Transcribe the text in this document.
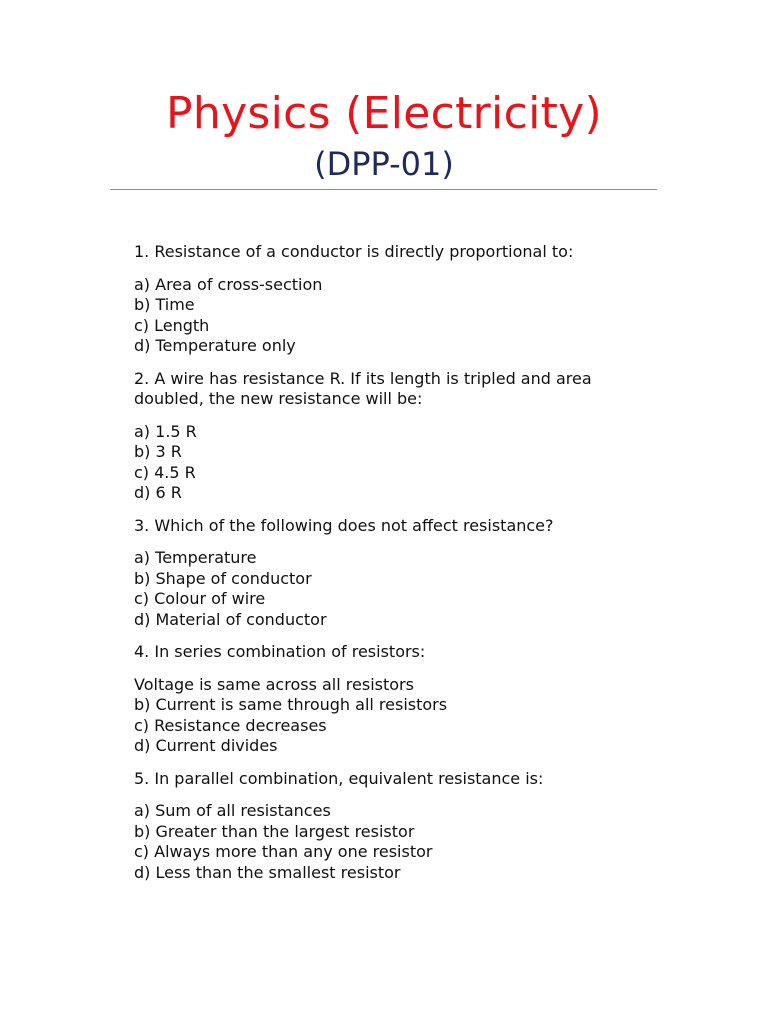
Physics (Electricity)
(DPP-01)
1. Resistance of a conductor is directly proportional to:
a) Area of cross-section
b) Time
c) Length
d) Temperature only
2. A wire has resistance R. If its length is tripled and area doubled, the new resistance will be:
a) 1.5 R
b) 3 R
c) 4.5 R
d) 6 R
3. Which of the following does not affect resistance?
a) Temperature
b) Shape of conductor
c) Colour of wire
d) Material of conductor
4. In series combination of resistors:
Voltage is same across all resistors
b) Current is same through all resistors
c) Resistance decreases
d) Current divides
5. In parallel combination, equivalent resistance is:
a) Sum of all resistances
b) Greater than the largest resistor
c) Always more than any one resistor
d) Less than the smallest resistor
